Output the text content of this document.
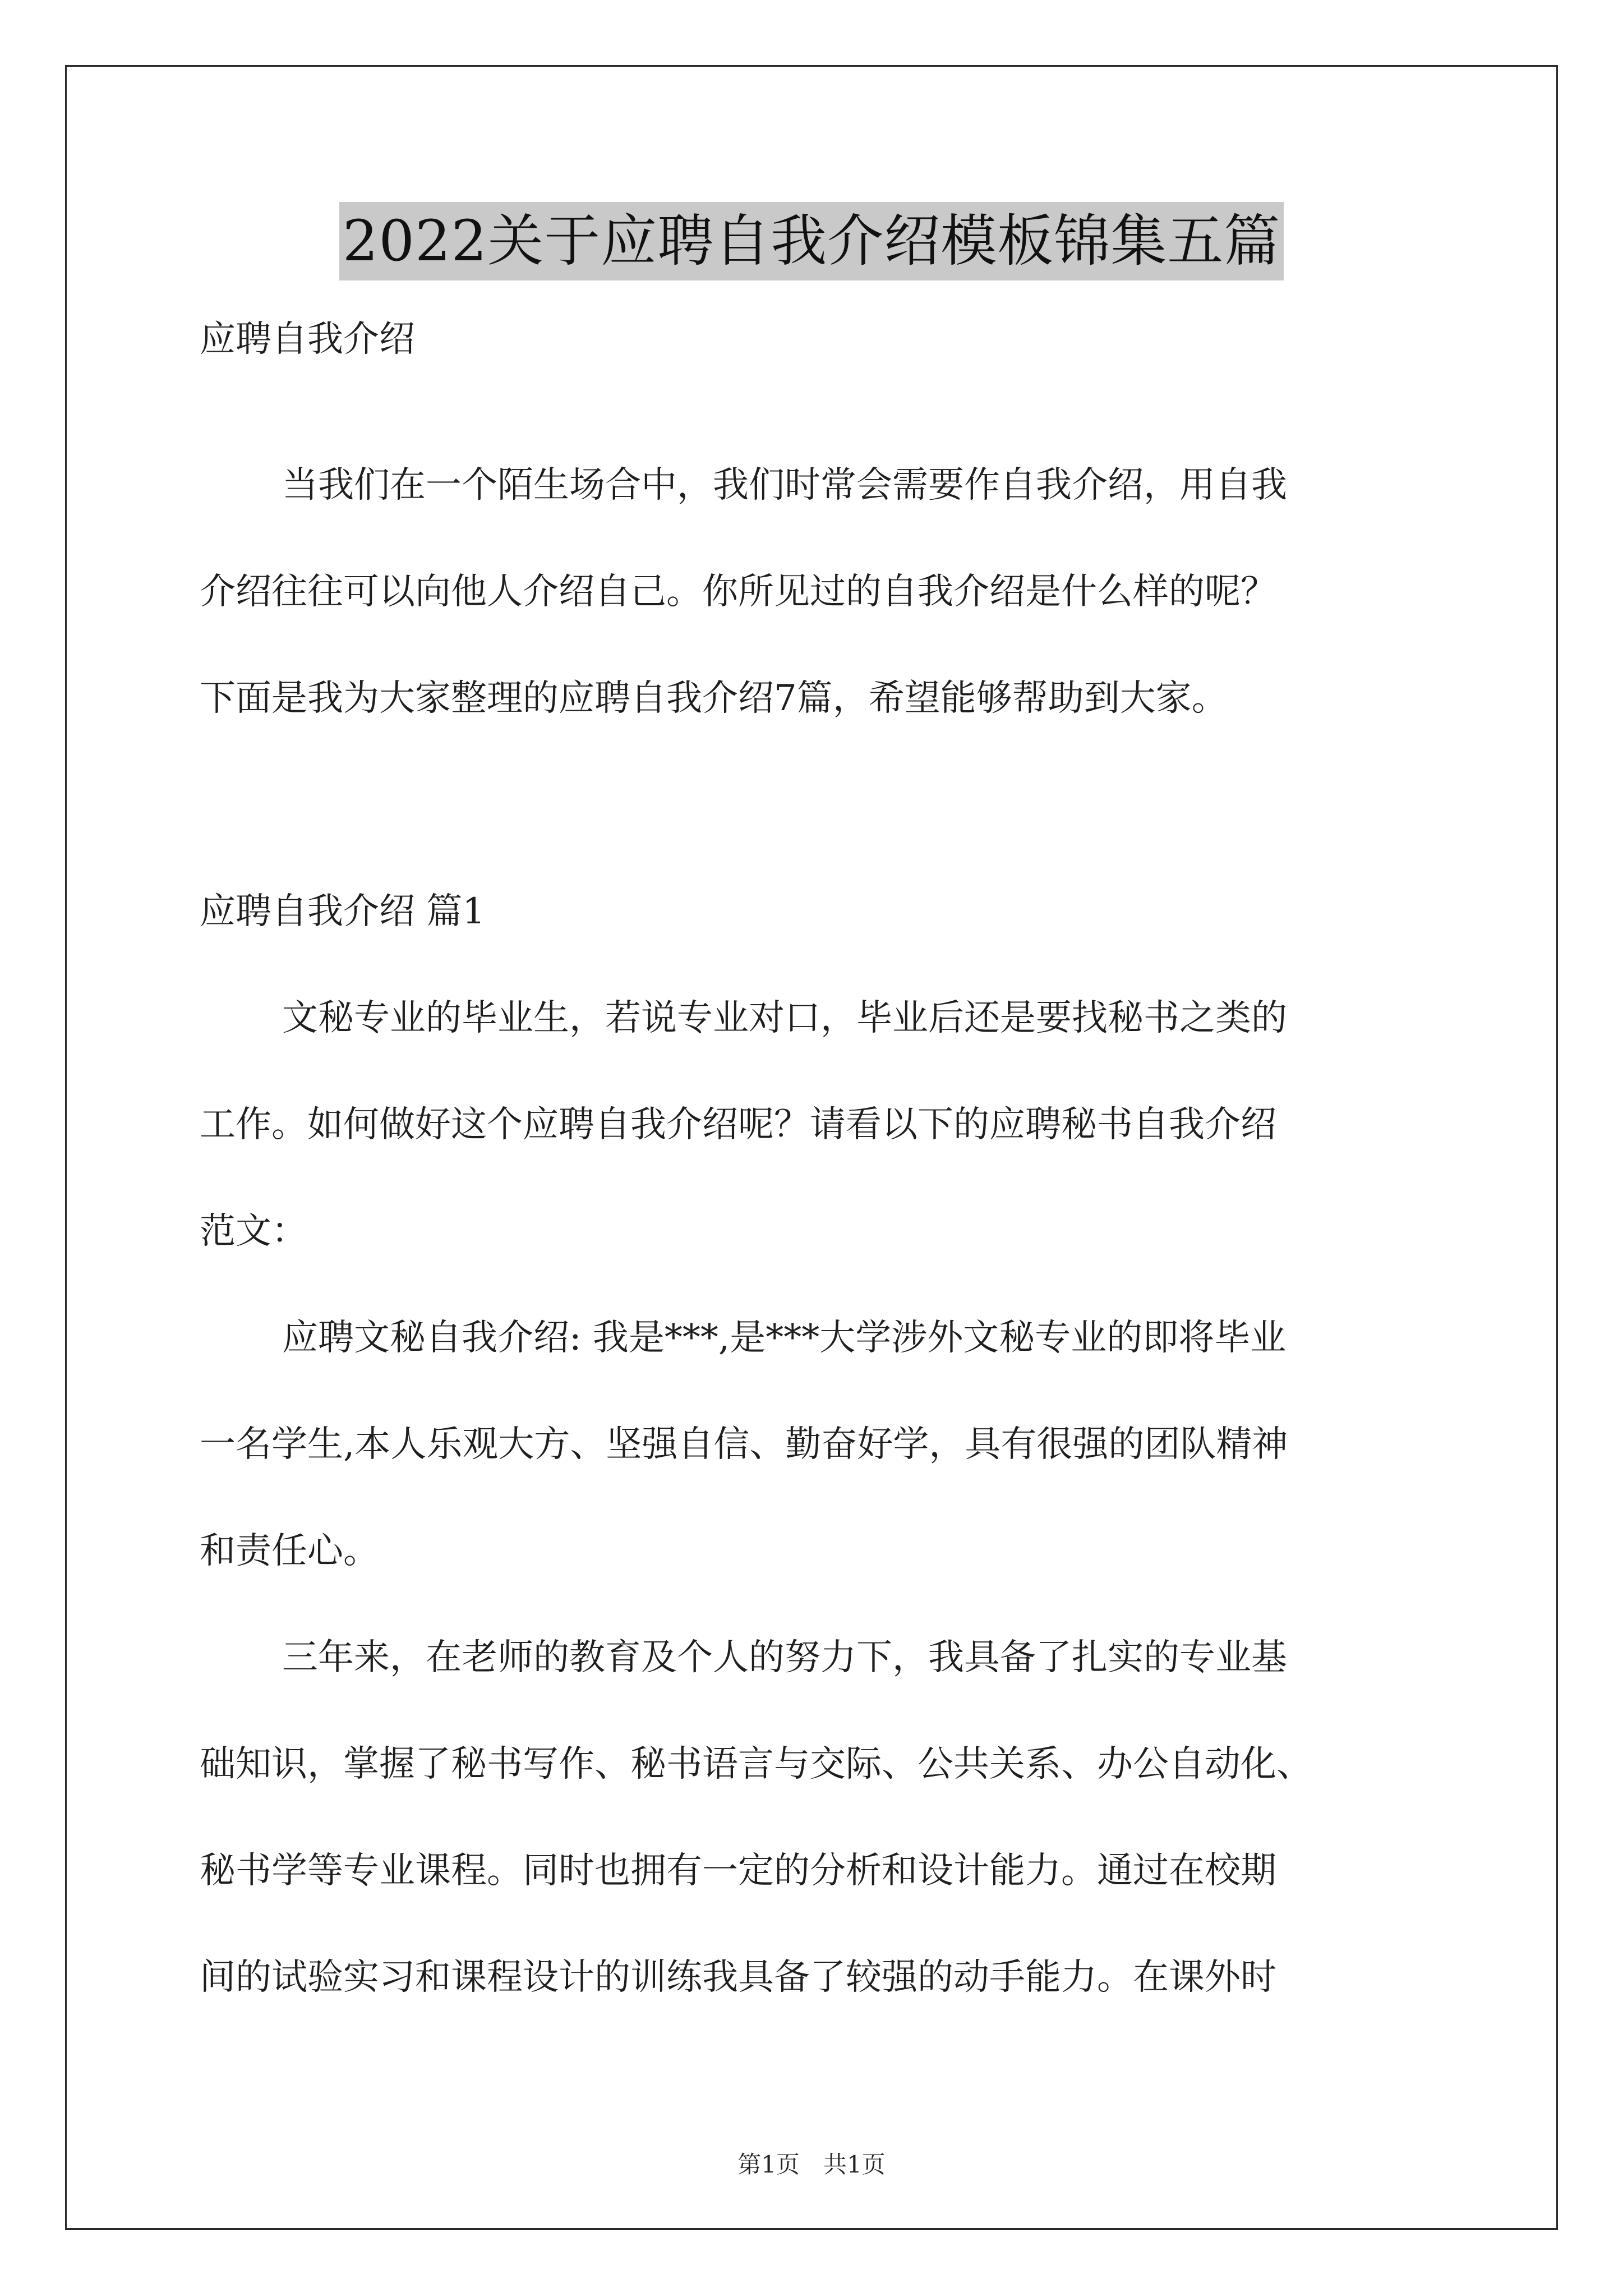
2022关于应聘自我介绍模板锦集五篇
应聘自我介绍
当我们在一个陌生场合中，我们时常会需要作自我介绍，用自我
介绍往往可以向他人介绍自己。你所见过的自我介绍是什么样的呢？
下面是我为大家整理的应聘自我介绍7篇，希望能够帮助到大家。
应聘自我介绍 篇1
文秘专业的毕业生，若说专业对口，毕业后还是要找秘书之类的
工作。如何做好这个应聘自我介绍呢？请看以下的应聘秘书自我介绍
范文：
应聘文秘自我介绍: 我是***,是***大学涉外文秘专业的即将毕业
一名学生,本人乐观大方、坚强自信、勤奋好学，具有很强的团队精神
和责任心。
三年来，在老师的教育及个人的努力下，我具备了扎实的专业基
础知识，掌握了秘书写作、秘书语言与交际、公共关系、办公自动化、
秘书学等专业课程。同时也拥有一定的分析和设计能力。通过在校期
间的试验实习和课程设计的训练我具备了较强的动手能力。在课外时
第1页　共1页
